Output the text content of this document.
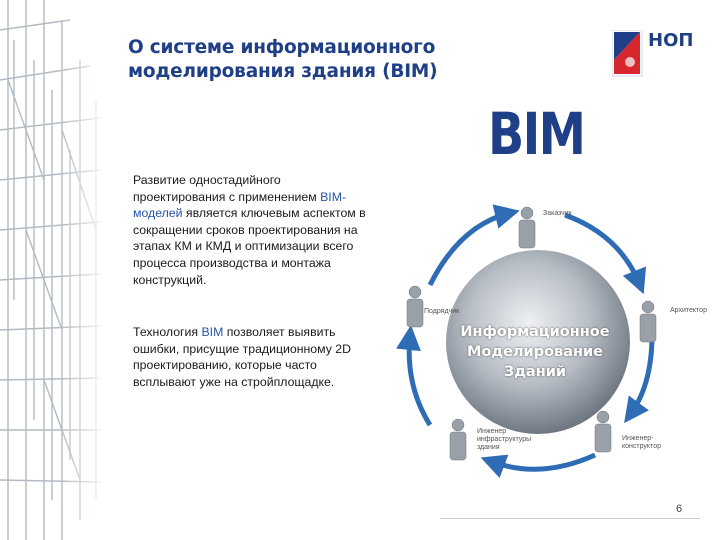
О системе информационного моделирования здания (BIM)
НОП
BIM
Развитие одностадийного проектирования с применением BIM-моделей является ключевым аспектом в сокращении сроков проектирования на этапах КМ и КМД и оптимизации всего процесса производства и монтажа конструкций.
Технология BIM позволяет выявить ошибки, присущие традиционному 2D проектированию, которые часто всплывают уже на стройплощадке.
Заказчик
Архитектор
Инженер-конструктор
Инженер инфраструктуры здания
Подрядчик
Информационное
Моделирование
Зданий
6
